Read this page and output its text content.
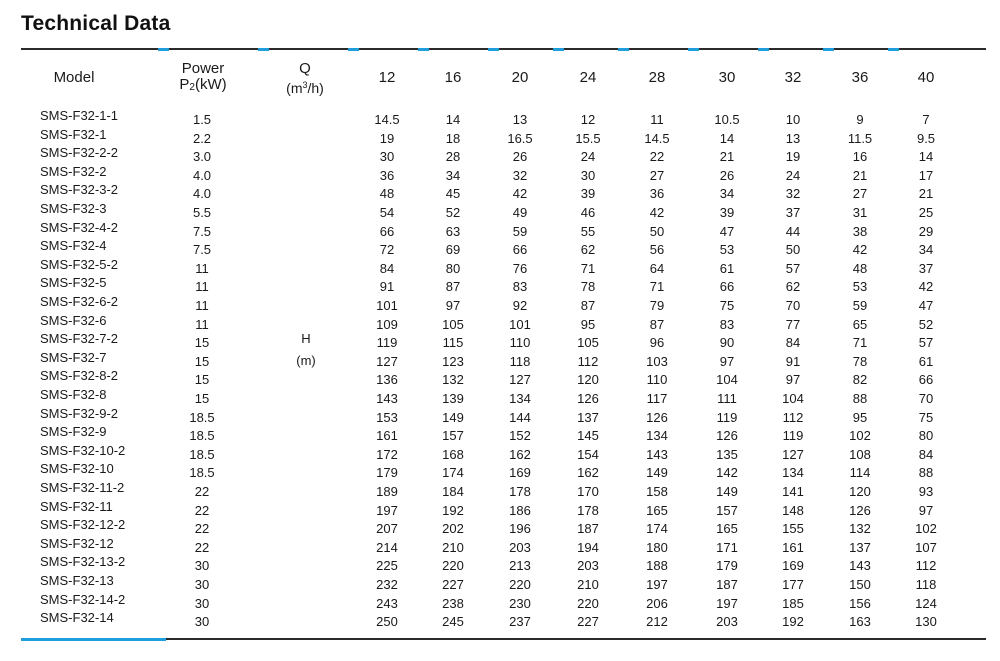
Technical Data
Model
Power
$P_2(kW)$
Q
$(m^3/h)$
12	16	20	24	28	30	32	36	40
H
(m)
SMS-F32-1-1	1.5	14.5	14	13	12	11	10.5	10	9	7
SMS-F32-1	2.2	19	18	16.5	15.5	14.5	14	13	11.5	9.5
SMS-F32-2-2	3.0	30	28	26	24	22	21	19	16	14
SMS-F32-2	4.0	36	34	32	30	27	26	24	21	17
SMS-F32-3-2	4.0	48	45	42	39	36	34	32	27	21
SMS-F32-3	5.5	54	52	49	46	42	39	37	31	25
SMS-F32-4-2	7.5	66	63	59	55	50	47	44	38	29
SMS-F32-4	7.5	72	69	66	62	56	53	50	42	34
SMS-F32-5-2	11	84	80	76	71	64	61	57	48	37
SMS-F32-5	11	91	87	83	78	71	66	62	53	42
SMS-F32-6-2	11	101	97	92	87	79	75	70	59	47
SMS-F32-6	11	109	105	101	95	87	83	77	65	52
SMS-F32-7-2	15	119	115	110	105	96	90	84	71	57
SMS-F32-7	15	127	123	118	112	103	97	91	78	61
SMS-F32-8-2	15	136	132	127	120	110	104	97	82	66
SMS-F32-8	15	143	139	134	126	117	111	104	88	70
SMS-F32-9-2	18.5	153	149	144	137	126	119	112	95	75
SMS-F32-9	18.5	161	157	152	145	134	126	119	102	80
SMS-F32-10-2	18.5	172	168	162	154	143	135	127	108	84
SMS-F32-10	18.5	179	174	169	162	149	142	134	114	88
SMS-F32-11-2	22	189	184	178	170	158	149	141	120	93
SMS-F32-11	22	197	192	186	178	165	157	148	126	97
SMS-F32-12-2	22	207	202	196	187	174	165	155	132	102
SMS-F32-12	22	214	210	203	194	180	171	161	137	107
SMS-F32-13-2	30	225	220	213	203	188	179	169	143	112
SMS-F32-13	30	232	227	220	210	197	187	177	150	118
SMS-F32-14-2	30	243	238	230	220	206	197	185	156	124
SMS-F32-14	30	250	245	237	227	212	203	192	163	130
